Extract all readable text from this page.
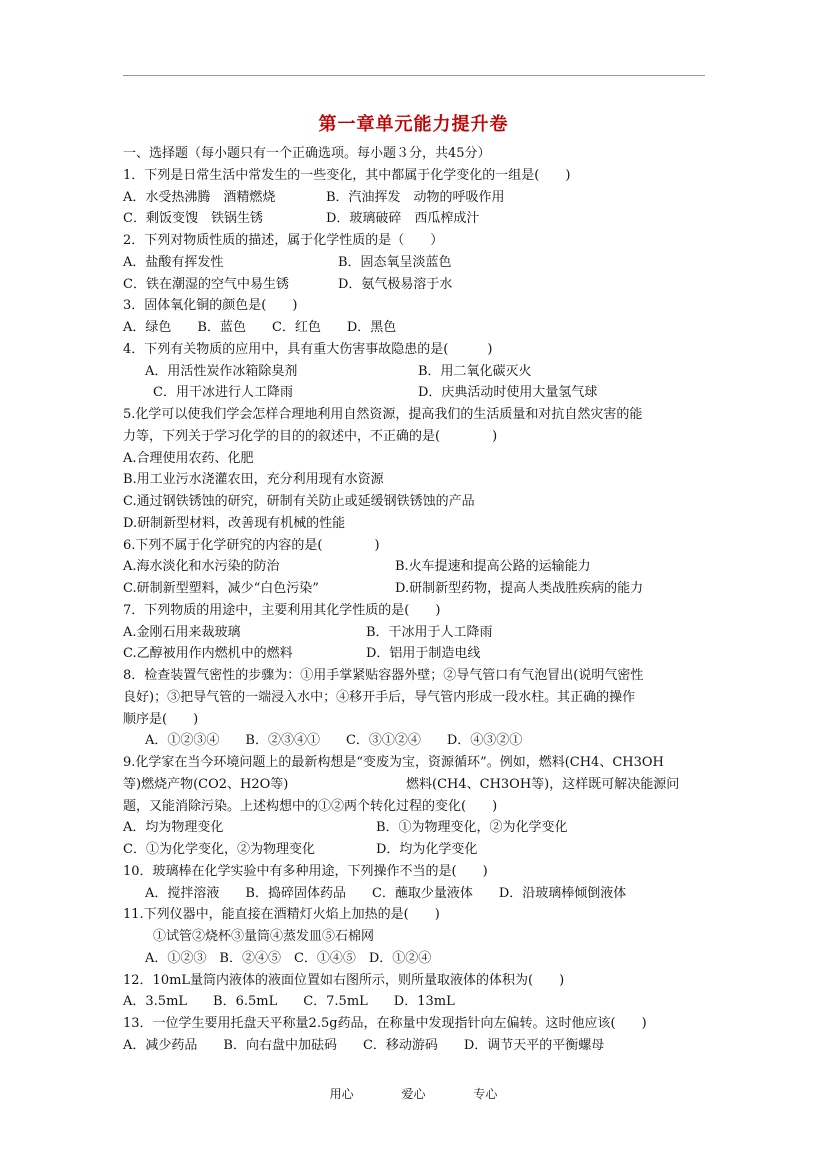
第一章单元能力提升卷
一、选择题（每小题只有一个正确选项。每小题３分，共45分）
1．下列是日常生活中常发生的一些变化，其中都属于化学变化的一组是(　　)
A．水受热沸腾　酒精燃烧	B．汽油挥发　动物的呼吸作用
C．剩饭变馊　铁锅生锈	D．玻璃破碎　西瓜榨成汁
2．下列对物质性质的描述，属于化学性质的是（　　）
A．盐酸有挥发性	B．固态氧呈淡蓝色
C．铁在潮湿的空气中易生锈	D．氨气极易溶于水
3．固体氧化铜的颜色是(　　)
A．绿色　　B．蓝色　　C．红色　　D．黑色
4．下列有关物质的应用中，具有重大伤害事故隐患的是(　　　)
A．用活性炭作冰箱除臭剂	B．用二氧化碳灭火
C．用干冰进行人工降雨	D．庆典活动时使用大量氢气球
5.化学可以使我们学会怎样合理地利用自然资源，提高我们的生活质量和对抗自然灾害的能
力等，下列关于学习化学的目的的叙述中，不正确的是(　　　　)
A.合理使用农药、化肥
B.用工业污水浇灌农田，充分利用现有水资源
C.通过钢铁锈蚀的研究，研制有关防止或延缓钢铁锈蚀的产品
D.研制新型材料，改善现有机械的性能
6.下列不属于化学研究的内容的是(　　　　)
A.海水淡化和水污染的防治	B.火车提速和提高公路的运输能力
C.研制新型塑料，减少“白色污染”	D.研制新型药物，提高人类战胜疾病的能力
7．下列物质的用途中，主要利用其化学性质的是(　　)
A.金刚石用来裁玻璃	B．干冰用于人工降雨
C.乙醇被用作内燃机中的燃料	D．铝用于制造电线
8．检查装置气密性的步骤为：①用手掌紧贴容器外壁；②导气管口有气泡冒出(说明气密性
良好)；③把导气管的一端浸入水中；④移开手后，导气管内形成一段水柱。其正确的操作
顺序是(　　)
A．①②③④　　B．②③④①　　C．③①②④　　D．④③②①
9.化学家在当今环境问题上的最新构想是“变废为宝，资源循环”。例如，燃料(CH4、CH3OH
等)燃烧产物(CO2、H2O等)	燃料(CH4、CH3OH等)，这样既可解决能源问
题，又能消除污染。上述构想中的①②两个转化过程的变化(　　)
A．均为物理变化	B．①为物理变化，②为化学变化
C．①为化学变化，②为物理变化	D．均为化学变化
10．玻璃棒在化学实验中有多种用途，下列操作不当的是(　　)
A．搅拌溶液　　B．捣碎固体药品　　C．蘸取少量液体　　D．沿玻璃棒倾倒液体
11.下列仪器中，能直接在酒精灯火焰上加热的是(　　)
①试管②烧杯③量筒④蒸发皿⑤石棉网
A．①②③　B．②④⑤　C．①④⑤　D．①②④
12．10mL量筒内液体的液面位置如右图所示，则所量取液体的体积为(　　)
A．3.5mL　　B．6.5mL　　C．7.5mL　　D．13mL
13．一位学生要用托盘天平称量2.5g药品，在称量中发现指针向左偏转。这时他应该(　　)
A．减少药品　　B．向右盘中加砝码　　C．移动游码　　D．调节天平的平衡螺母
用心	爱心	专心
